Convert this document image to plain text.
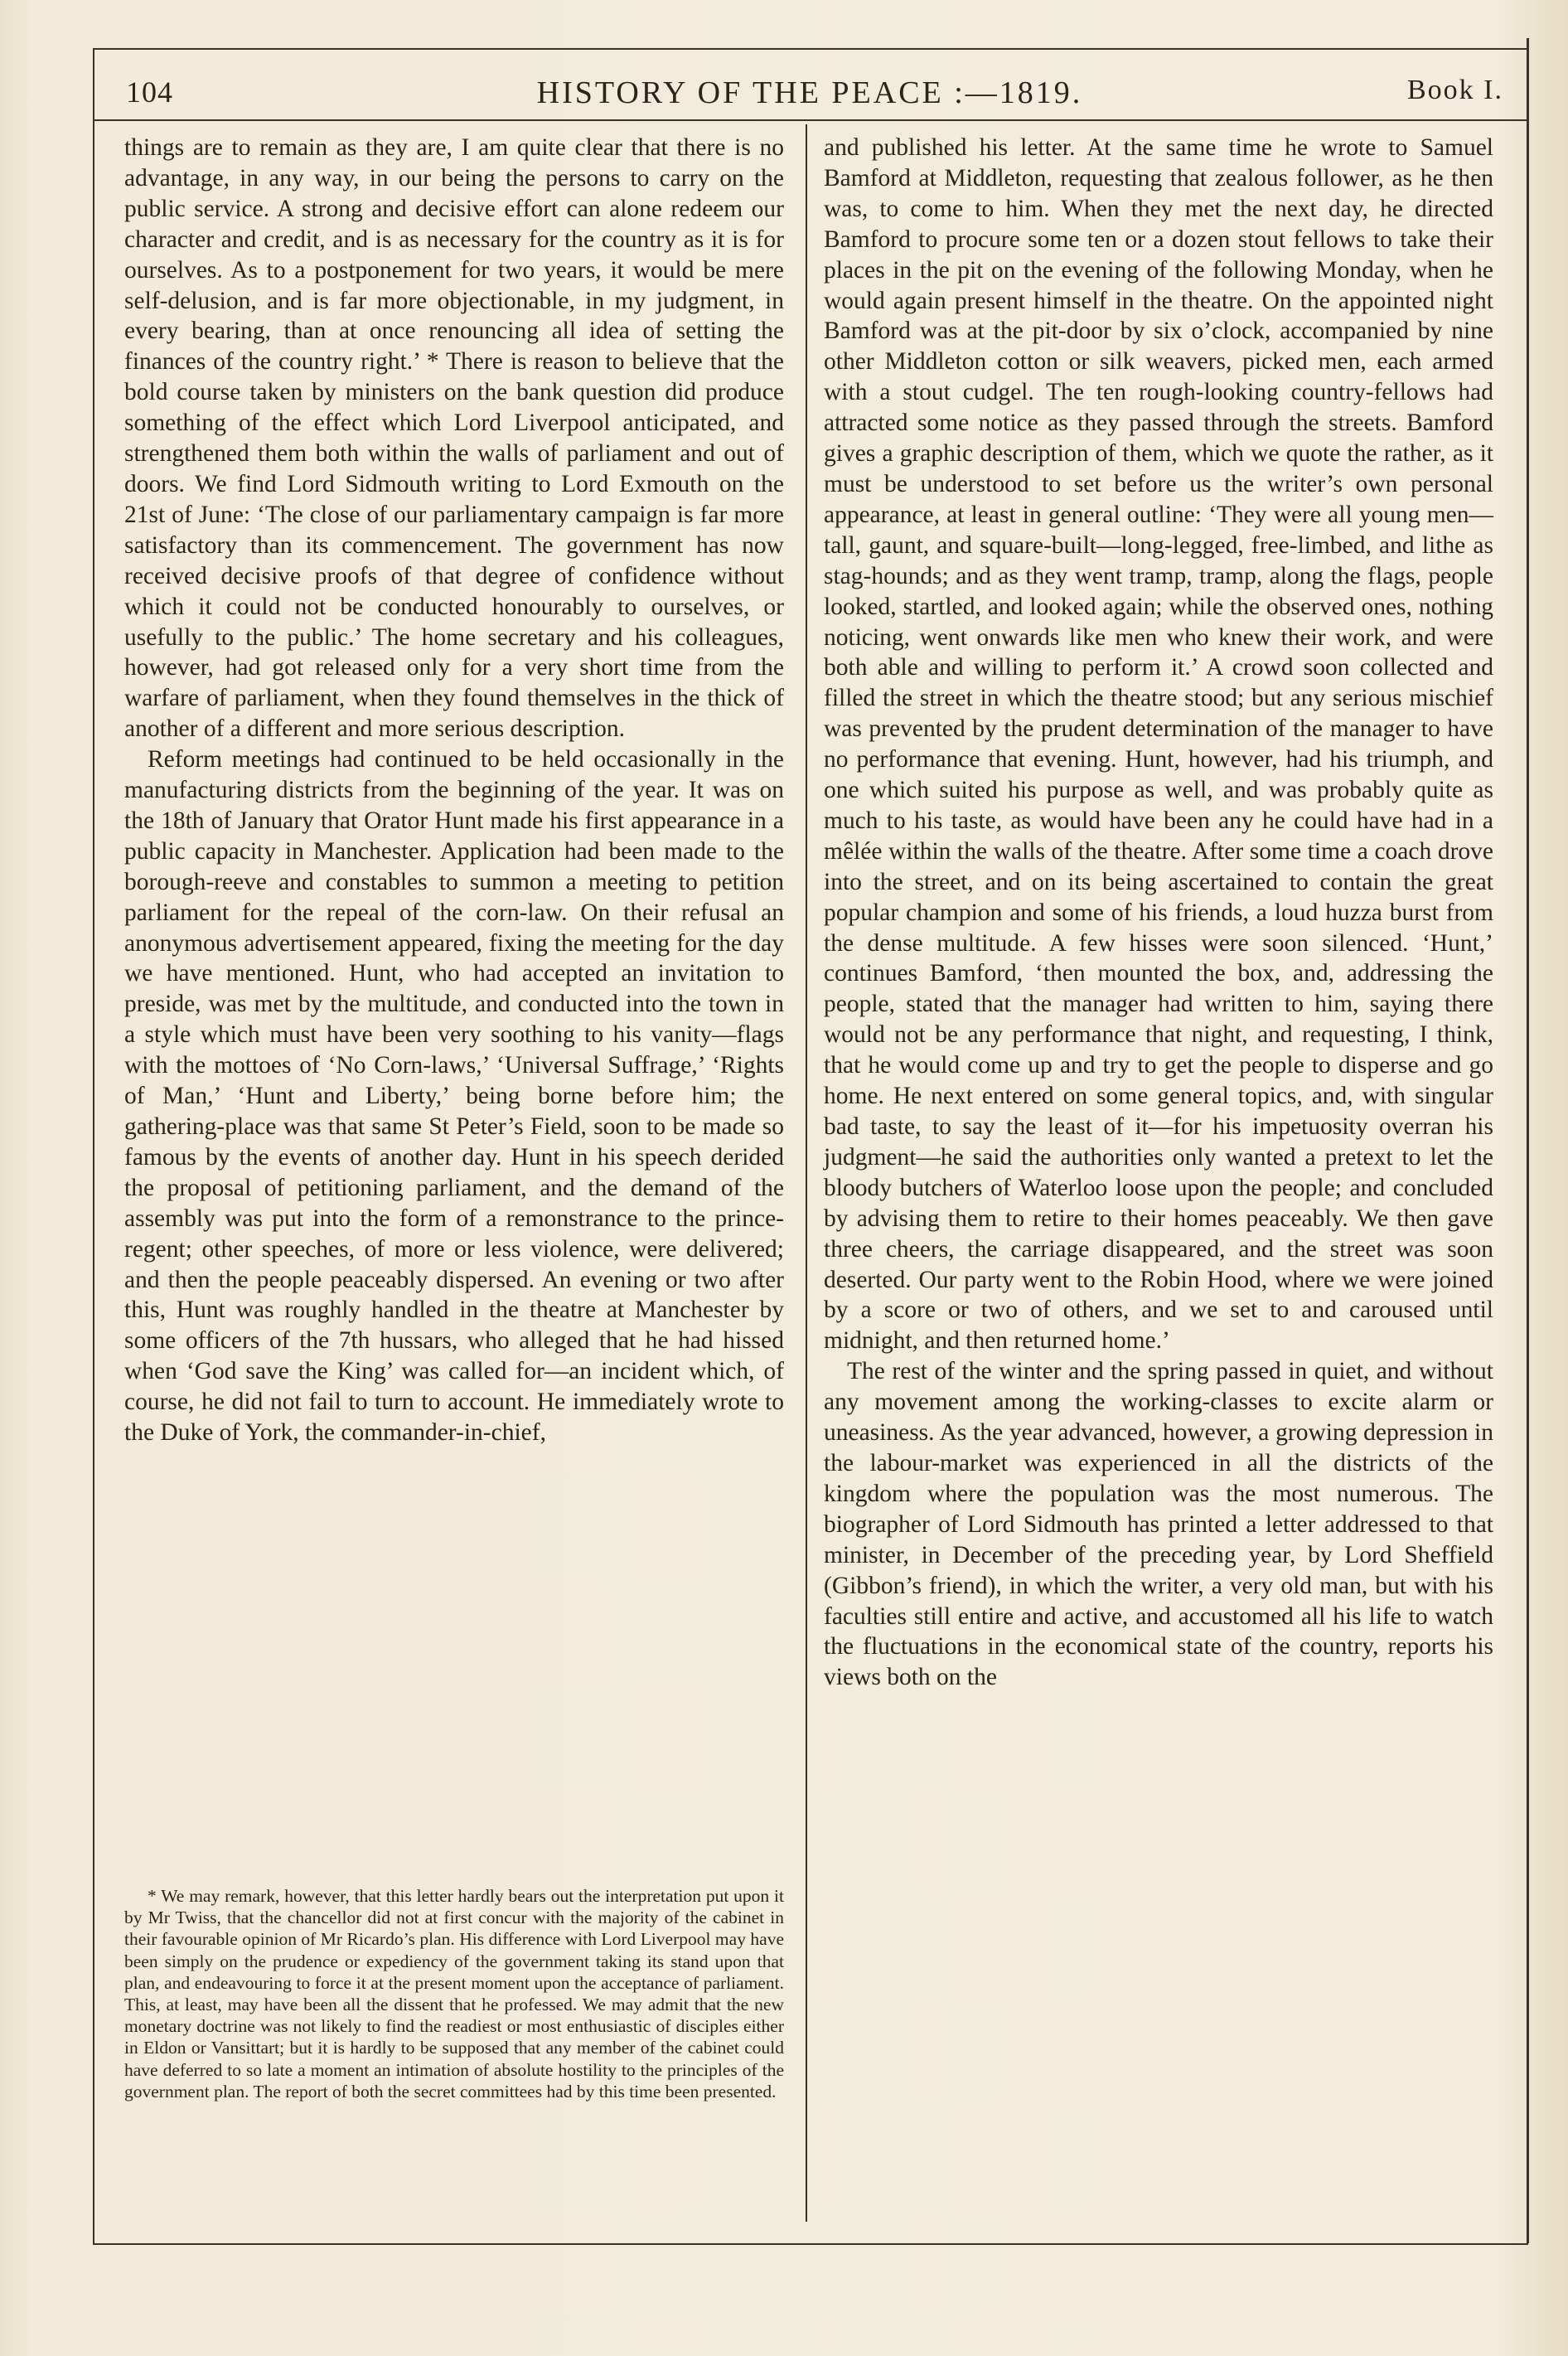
104	HISTORY OF THE PEACE :—1819.	Book I.

things are to remain as they are, I am quite clear that there is no advantage, in any way, in our being the persons to carry on the public service. A strong and decisive effort can alone redeem our character and credit, and is as necessary for the country as it is for ourselves. As to a postponement for two years, it would be mere self-delusion, and is far more objectionable, in my judgment, in every bearing, than at once renouncing all idea of setting the finances of the country right.’ * There is reason to believe that the bold course taken by ministers on the bank question did produce something of the effect which Lord Liverpool anticipated, and strengthened them both within the walls of parliament and out of doors. We find Lord Sidmouth writing to Lord Exmouth on the 21st of June: ‘The close of our parliamentary campaign is far more satisfactory than its commencement. The government has now received decisive proofs of that degree of confidence without which it could not be conducted honourably to ourselves, or usefully to the public.’ The home secretary and his colleagues, however, had got released only for a very short time from the warfare of parliament, when they found themselves in the thick of another of a different and more serious description.

Reform meetings had continued to be held occasionally in the manufacturing districts from the beginning of the year. It was on the 18th of January that Orator Hunt made his first appearance in a public capacity in Manchester. Application had been made to the borough-reeve and constables to summon a meeting to petition parliament for the repeal of the corn-law. On their refusal an anonymous advertisement appeared, fixing the meeting for the day we have mentioned. Hunt, who had accepted an invitation to preside, was met by the multitude, and conducted into the town in a style which must have been very soothing to his vanity—flags with the mottoes of ‘No Corn-laws,’ ‘Universal Suffrage,’ ‘Rights of Man,’ ‘Hunt and Liberty,’ being borne before him; the gathering-place was that same St Peter’s Field, soon to be made so famous by the events of another day. Hunt in his speech derided the proposal of petitioning parliament, and the demand of the assembly was put into the form of a remonstrance to the prince-regent; other speeches, of more or less violence, were delivered; and then the people peaceably dispersed. An evening or two after this, Hunt was roughly handled in the theatre at Manchester by some officers of the 7th hussars, who alleged that he had hissed when ‘God save the King’ was called for—an incident which, of course, he did not fail to turn to account. He immediately wrote to the Duke of York, the commander-in-chief,

* We may remark, however, that this letter hardly bears out the interpretation put upon it by Mr Twiss, that the chancellor did not at first concur with the majority of the cabinet in their favourable opinion of Mr Ricardo’s plan. His difference with Lord Liverpool may have been simply on the prudence or expediency of the government taking its stand upon that plan, and endeavouring to force it at the present moment upon the acceptance of parliament. This, at least, may have been all the dissent that he professed. We may admit that the new monetary doctrine was not likely to find the readiest or most enthusiastic of disciples either in Eldon or Vansittart; but it is hardly to be supposed that any member of the cabinet could have deferred to so late a moment an intimation of absolute hostility to the principles of the government plan. The report of both the secret committees had by this time been presented.

and published his letter. At the same time he wrote to Samuel Bamford at Middleton, requesting that zealous follower, as he then was, to come to him. When they met the next day, he directed Bamford to procure some ten or a dozen stout fellows to take their places in the pit on the evening of the following Monday, when he would again present himself in the theatre. On the appointed night Bamford was at the pit-door by six o’clock, accompanied by nine other Middleton cotton or silk weavers, picked men, each armed with a stout cudgel. The ten rough-looking country-fellows had attracted some notice as they passed through the streets. Bamford gives a graphic description of them, which we quote the rather, as it must be understood to set before us the writer’s own personal appearance, at least in general outline: ‘They were all young men—tall, gaunt, and square-built—long-legged, free-limbed, and lithe as stag-hounds; and as they went tramp, tramp, along the flags, people looked, startled, and looked again; while the observed ones, nothing noticing, went onwards like men who knew their work, and were both able and willing to perform it.’ A crowd soon collected and filled the street in which the theatre stood; but any serious mischief was prevented by the prudent determination of the manager to have no performance that evening. Hunt, however, had his triumph, and one which suited his purpose as well, and was probably quite as much to his taste, as would have been any he could have had in a mêlée within the walls of the theatre. After some time a coach drove into the street, and on its being ascertained to contain the great popular champion and some of his friends, a loud huzza burst from the dense multitude. A few hisses were soon silenced. ‘Hunt,’ continues Bamford, ‘then mounted the box, and, addressing the people, stated that the manager had written to him, saying there would not be any performance that night, and requesting, I think, that he would come up and try to get the people to disperse and go home. He next entered on some general topics, and, with singular bad taste, to say the least of it—for his impetuosity overran his judgment—he said the authorities only wanted a pretext to let the bloody butchers of Waterloo loose upon the people; and concluded by advising them to retire to their homes peaceably. We then gave three cheers, the carriage disappeared, and the street was soon deserted. Our party went to the Robin Hood, where we were joined by a score or two of others, and we set to and caroused until midnight, and then returned home.’

The rest of the winter and the spring passed in quiet, and without any movement among the working-classes to excite alarm or uneasiness. As the year advanced, however, a growing depression in the labour-market was experienced in all the districts of the kingdom where the population was the most numerous. The biographer of Lord Sidmouth has printed a letter addressed to that minister, in December of the preceding year, by Lord Sheffield (Gibbon’s friend), in which the writer, a very old man, but with his faculties still entire and active, and accustomed all his life to watch the fluctuations in the economical state of the country, reports his views both on the
